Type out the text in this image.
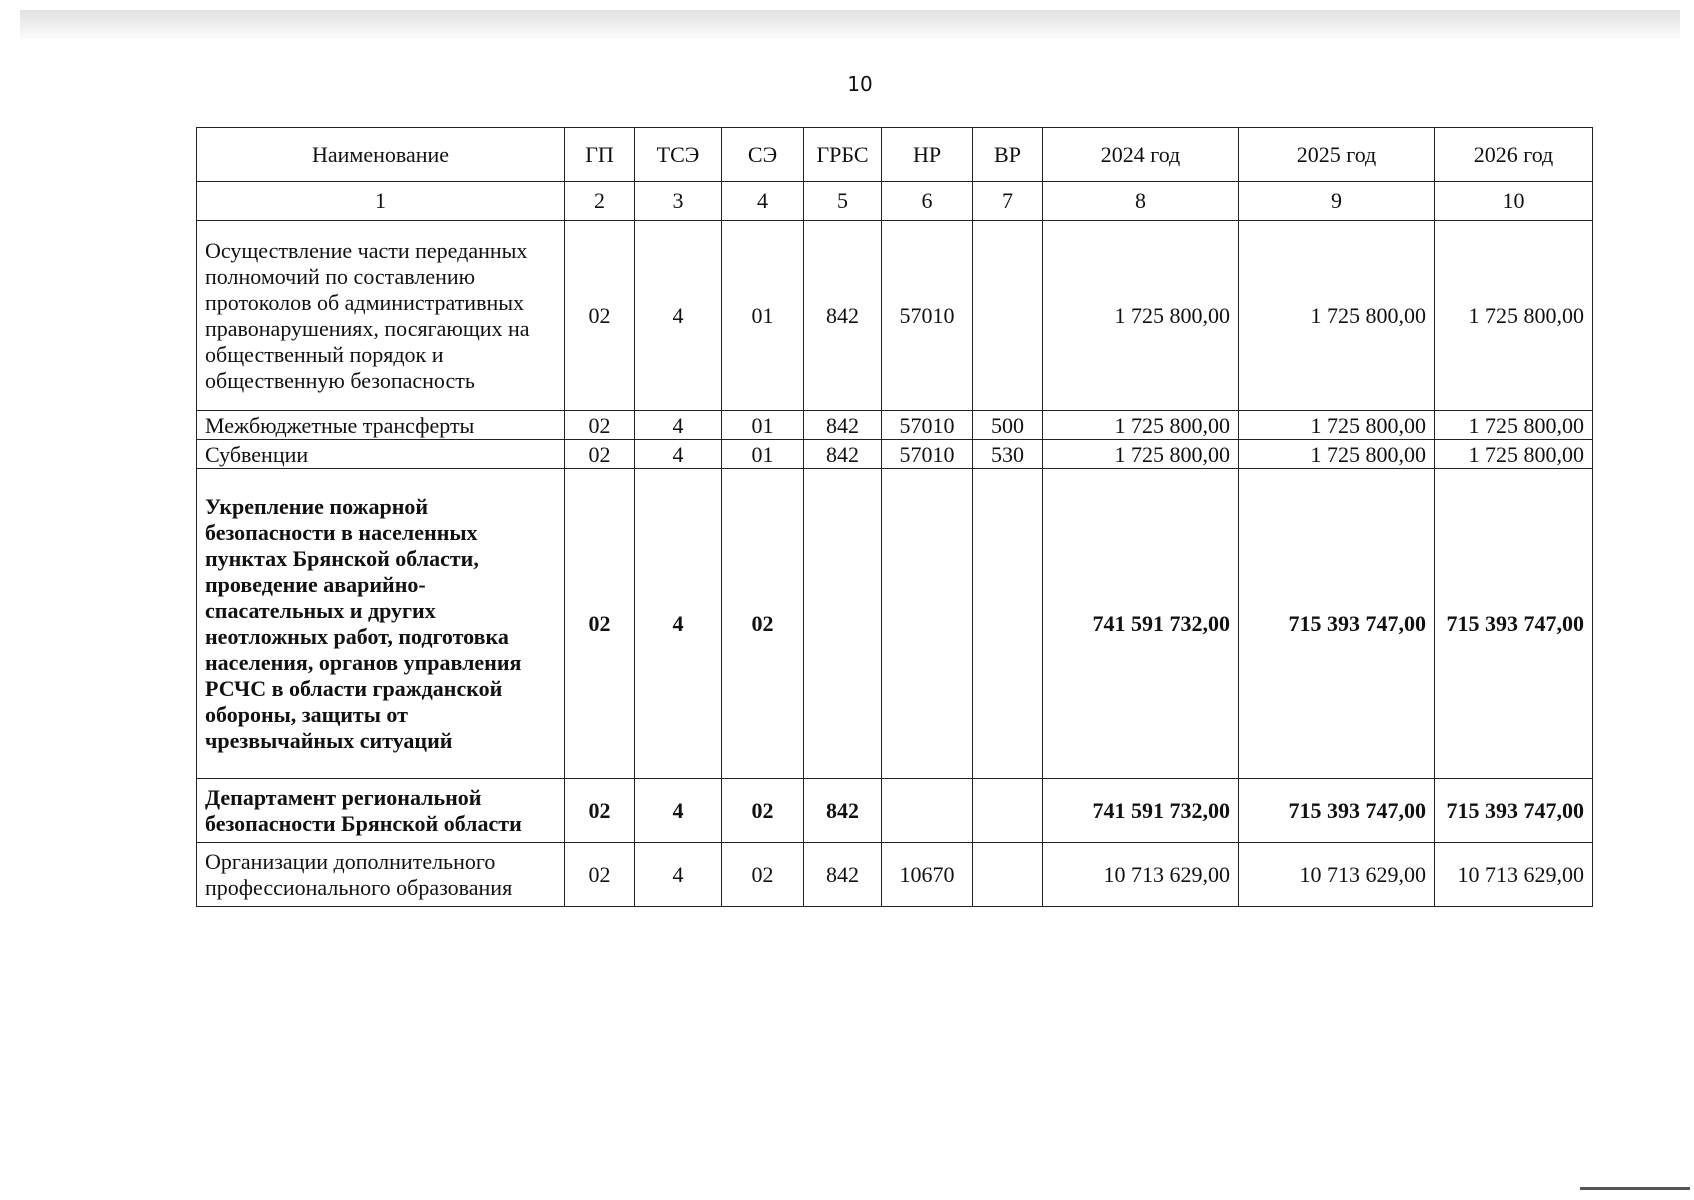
10
Наименование	ГП	ТСЭ	СЭ	ГРБС	НР	ВР	2024 год	2025 год	2026 год
1	2	3	4	5	6	7	8	9	10
Осуществление части переданных полномочий по составлению протоколов об административных правонарушениях, посягающих на общественный порядок и общественную безопасность	02	4	01	842	57010		1 725 800,00	1 725 800,00	1 725 800,00
Межбюджетные трансферты	02	4	01	842	57010	500	1 725 800,00	1 725 800,00	1 725 800,00
Субвенции	02	4	01	842	57010	530	1 725 800,00	1 725 800,00	1 725 800,00
Укрепление пожарной безопасности в населенных пунктах Брянской области, проведение аварийно-спасательных и других неотложных работ, подготовка населения, органов управления РСЧС в области гражданской обороны, защиты от чрезвычайных ситуаций	02	4	02				741 591 732,00	715 393 747,00	715 393 747,00
Департамент региональной безопасности Брянской области	02	4	02	842			741 591 732,00	715 393 747,00	715 393 747,00
Организации дополнительного профессионального образования	02	4	02	842	10670		10 713 629,00	10 713 629,00	10 713 629,00
